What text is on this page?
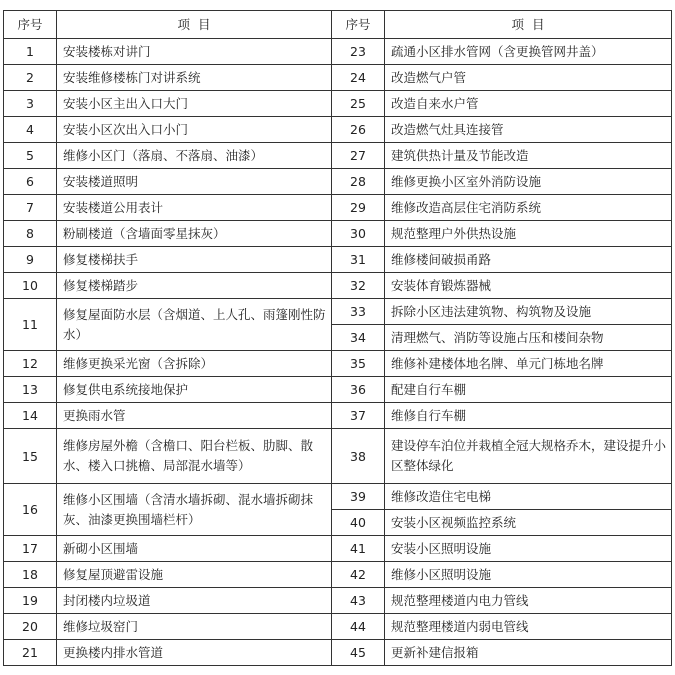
序号	项  目	序号	项  目
1	安装楼栋对讲门	23	疏通小区排水管网（含更换管网井盖）
2	安装维修楼栋门对讲系统	24	改造燃气户管
3	安装小区主出入口大门	25	改造自来水户管
4	安装小区次出入口小门	26	改造燃气灶具连接管
5	维修小区门（落扇、不落扇、油漆）	27	建筑供热计量及节能改造
6	安装楼道照明	28	维修更换小区室外消防设施
7	安装楼道公用表计	29	维修改造高层住宅消防系统
8	粉刷楼道（含墙面零星抹灰）	30	规范整理户外供热设施
9	修复楼梯扶手	31	维修楼间破损甬路
10	修复楼梯踏步	32	安装体育锻炼器械
11	修复屋面防水层（含烟道、上人孔、雨篷刚性防水）	33	拆除小区违法建筑物、构筑物及设施
		34	清理燃气、消防等设施占压和楼间杂物
12	维修更换采光窗（含拆除）	35	维修补建楼体地名牌、单元门栋地名牌
13	修复供电系统接地保护	36	配建自行车棚
14	更换雨水管	37	维修自行车棚
15	维修房屋外檐（含檐口、阳台栏板、肋脚、散水、楼入口挑檐、局部混水墙等）	38	建设停车泊位并栽植全冠大规格乔木，建设提升小区整体绿化
16	维修小区围墙（含清水墙拆砌、混水墙拆砌抹灰、油漆更换围墙栏杆）	39	维修改造住宅电梯
		40	安装小区视频监控系统
17	新砌小区围墙	41	安装小区照明设施
18	修复屋顶避雷设施	42	维修小区照明设施
19	封闭楼内垃圾道	43	规范整理楼道内电力管线
20	维修垃圾窑门	44	规范整理楼道内弱电管线
21	更换楼内排水管道	45	更新补建信报箱
